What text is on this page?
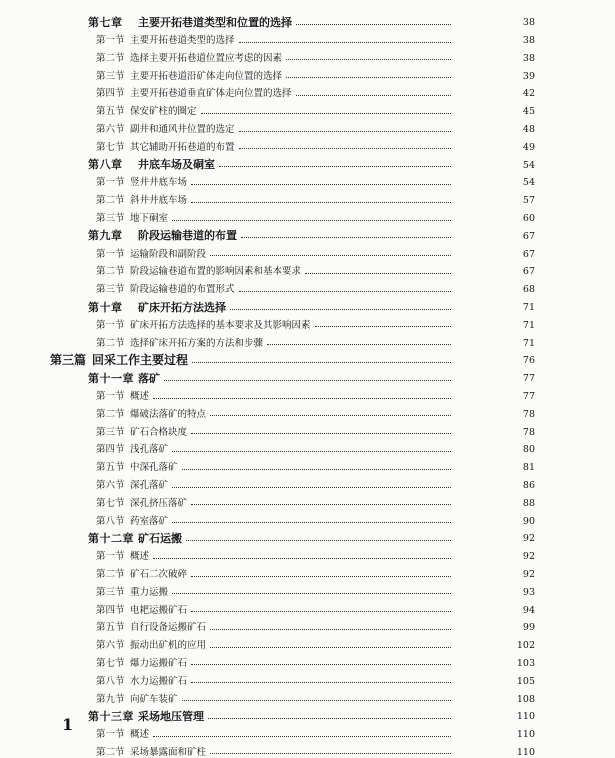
第七章	主要开拓巷道类型和位置的选择	38
第一节 主要开拓巷道类型的选择	38
第二节 选择主要开拓巷道位置应考虑的因素	38
第三节 主要开拓巷道沿矿体走向位置的选择	39
第四节 主要开拓巷道垂直矿体走向位置的选择	42
第五节 保安矿柱的圈定	45
第六节 副井和通风井位置的选定	48
第七节 其它辅助开拓巷道的布置	49
第八章	井底车场及硐室	54
第一节 竖井井底车场	54
第二节 斜井井底车场	57
第三节 地下硐室	60
第九章	阶段运输巷道的布置	67
第一节 运输阶段和副阶段	67
第二节 阶段运输巷道布置的影响因素和基本要求	67
第三节 阶段运输巷道的布置形式	68
第十章	矿床开拓方法选择	71
第一节 矿床开拓方法选择的基本要求及其影响因素	71
第二节 选择矿床开拓方案的方法和步骤	71
第三篇 回采工作主要过程	76
第十一章 落矿	77
第一节 概述	77
第二节 爆破法落矿的特点	78
第三节 矿石合格块度	78
第四节 浅孔落矿	80
第五节 中深孔落矿	81
第六节 深孔落矿	86
第七节 深孔挤压落矿	88
第八节 药室落矿	90
第十二章 矿石运搬	92
第一节 概述	92
第二节 矿石二次破碎	92
第三节 重力运搬	93
第四节 电耙运搬矿石	94
第五节 自行设备运搬矿石	99
第六节 振动出矿机的应用	102
第七节 爆力运搬矿石	103
第八节 水力运搬矿石	105
第九节 向矿车装矿	108
第十三章 采场地压管理	110
第一节 概述	110
第二节 采场暴露面和矿柱	110
1
